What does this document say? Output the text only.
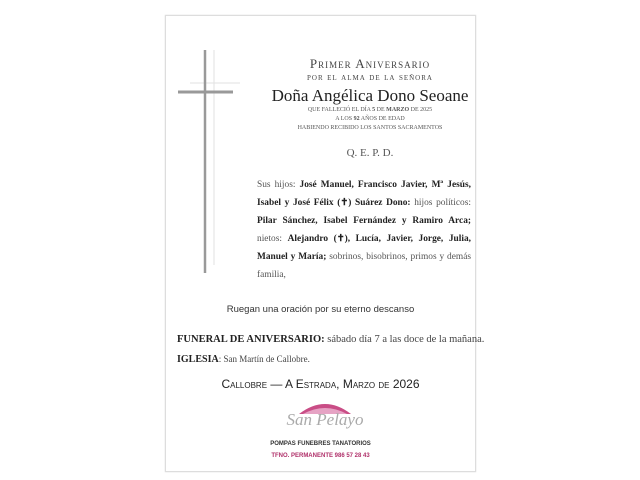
Primer Aniversario
por el alma de la señora
Doña Angélica Dono Seoane
QUE FALLECIÓ EL DÍA 5 DE MARZO DE 2025
A LOS 92 AÑOS DE EDAD
HABIENDO RECIBIDO LOS SANTOS SACRAMENTOS
Q. E. P. D.
Sus hijos: José Manuel, Francisco Javier, Mª Jesús, Isabel y José Félix (✝) Suárez Dono: hijos políticos: Pilar Sánchez, Isabel Fernández y Ramiro Arca; nietos: Alejandro (✝), Lucía, Javier, Jorge, Julia, Manuel y María; sobrinos, bisobrinos, primos y demás familia,
Ruegan una oración por su eterno descanso
FUNERAL DE ANIVERSARIO: sábado día 7 a las doce de la mañana.
IGLESIA: San Martín de Callobre.
Callobre — A Estrada, Marzo de 2026
San Pelayo
POMPAS FUNEBRES TANATORIOS
TFNO. PERMANENTE 986 57 28 43
